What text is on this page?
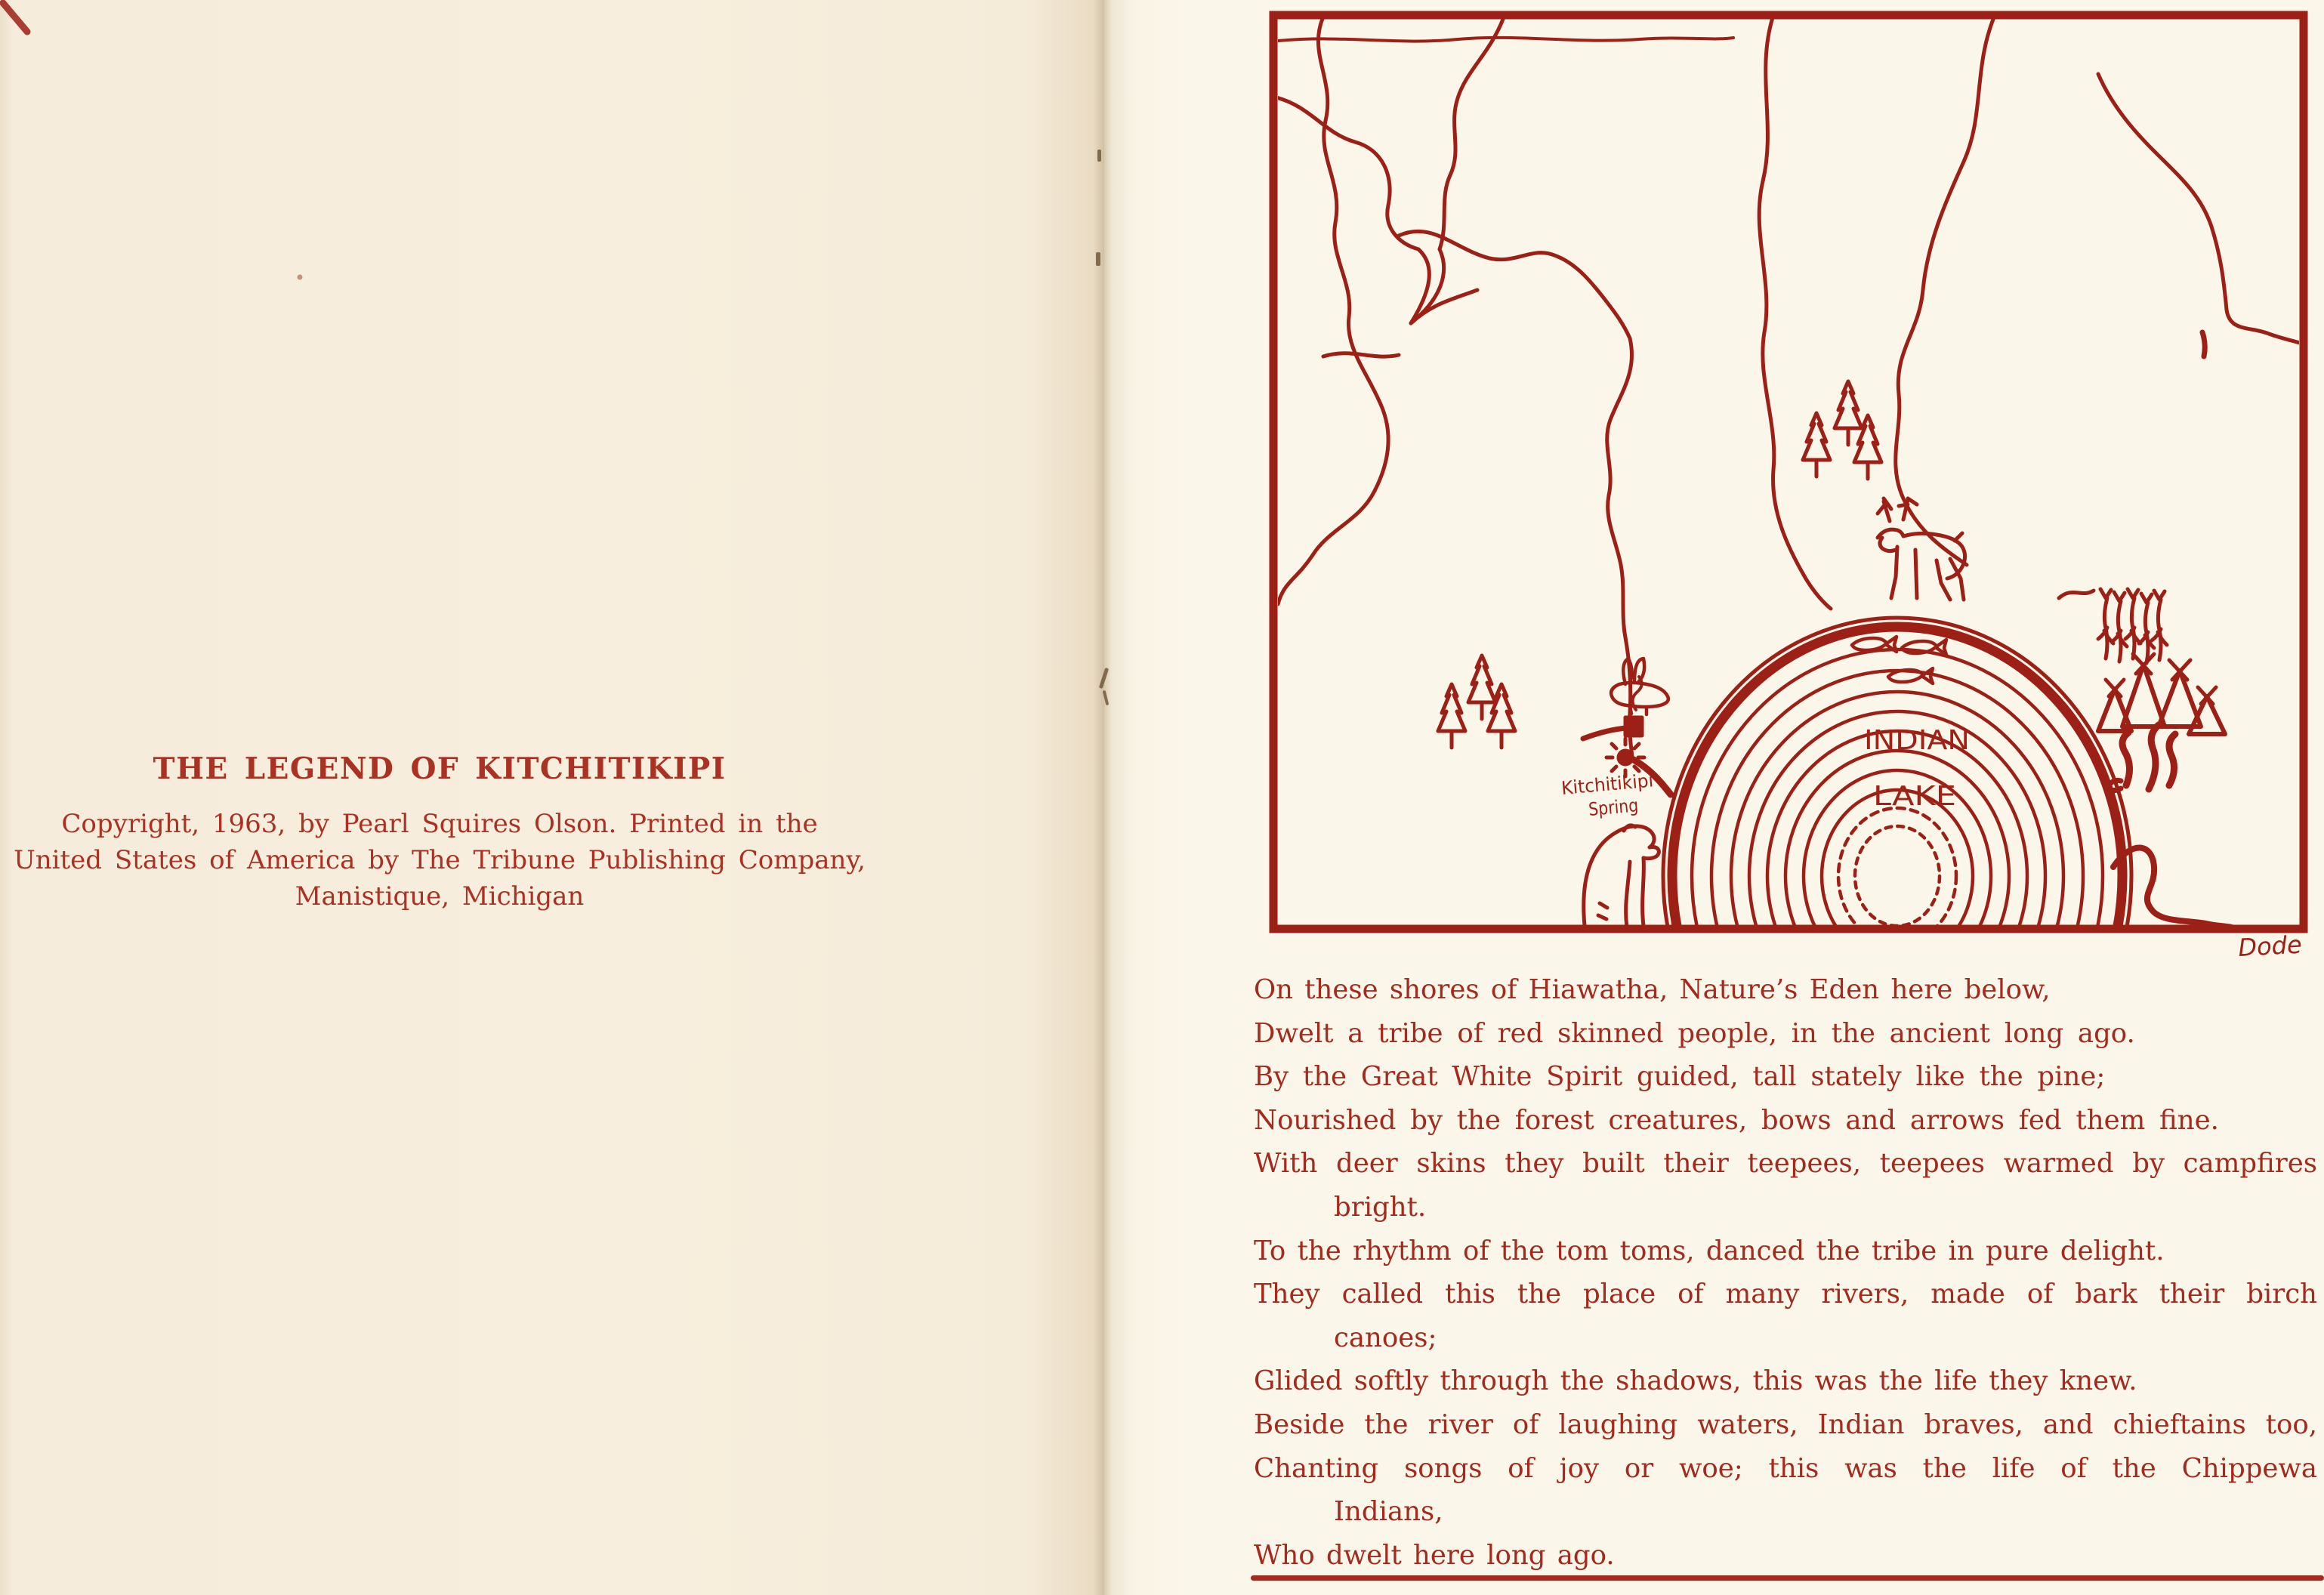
THE LEGEND OF KITCHITIKIPI
Copyright, 1963, by Pearl Squires Olson. Printed in the
United States of America by The Tribune Publishing Company,
Manistique, Michigan
INDIAN
LAKE
Kitchitikipi
Spring
Dode
On these shores of Hiawatha, Nature’s Eden here below,
Dwelt a tribe of red skinned people, in the ancient long ago.
By the Great White Spirit guided, tall stately like the pine;
Nourished by the forest creatures, bows and arrows fed them fine.
With deer skins they built their teepees, teepees warmed by campfires
bright.
To the rhythm of the tom toms, danced the tribe in pure delight.
They called this the place of many rivers, made of bark their birch
canoes;
Glided softly through the shadows, this was the life they knew.
Beside the river of laughing waters, Indian braves, and chieftains too,
Chanting songs of joy or woe; this was the life of the Chippewa
Indians,
Who dwelt here long ago.
